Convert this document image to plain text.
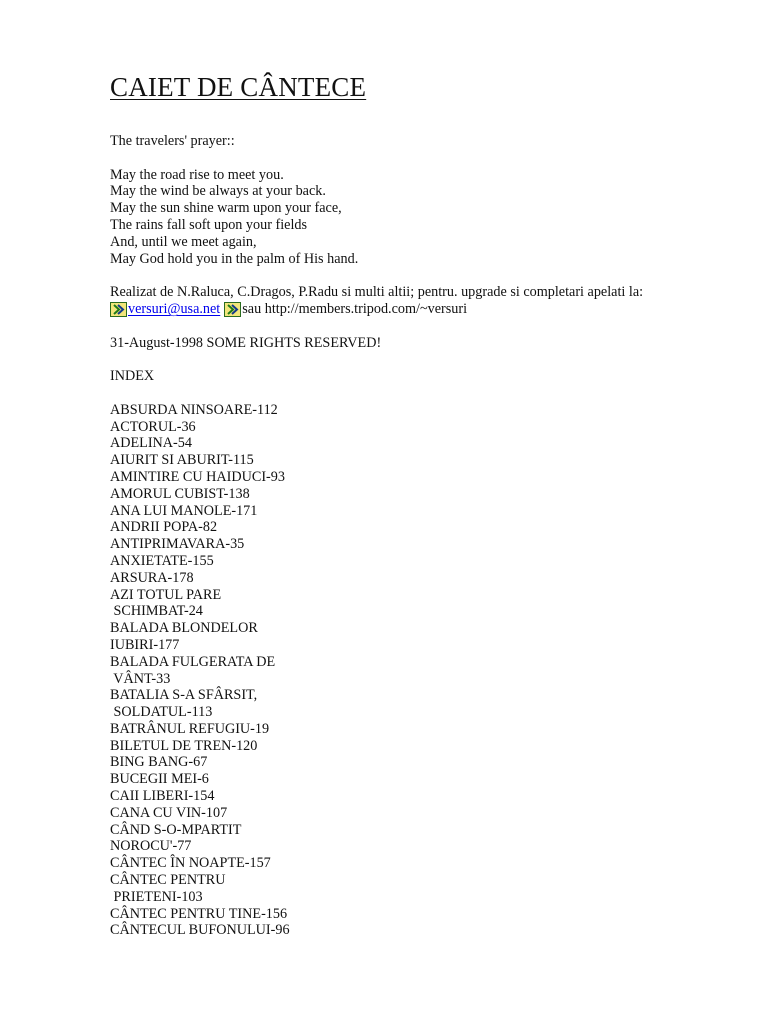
CAIET DE CÂNTECE
The travelers' prayer::
May the road rise to meet you.
May the wind be always at your back.
May the sun shine warm upon your face,
The rains fall soft upon your fields
And, until we meet again,
May God hold you in the palm of His hand.
Realizat de N.Raluca, C.Dragos, P.Radu si multi altii; pentru. upgrade si completari apelati la:
versuri@usa.net sau http://members.tripod.com/~versuri
31-August-1998 SOME RIGHTS RESERVED!
INDEX
ABSURDA NINSOARE-112
ACTORUL-36
ADELINA-54
AIURIT SI ABURIT-115
AMINTIRE CU HAIDUCI-93
AMORUL CUBIST-138
ANA LUI MANOLE-171
ANDRII POPA-82
ANTIPRIMAVARA-35
ANXIETATE-155
ARSURA-178
AZI TOTUL PARE
SCHIMBAT-24
BALADA BLONDELOR
IUBIRI-177
BALADA FULGERATA DE
VÂNT-33
BATALIA S-A SFÂRSIT,
SOLDATUL-113
BATRÂNUL REFUGIU-19
BILETUL DE TREN-120
BING BANG-67
BUCEGII MEI-6
CAII LIBERI-154
CANA CU VIN-107
CÂND S-O-MPARTIT
NOROCU'-77
CÂNTEC ÎN NOAPTE-157
CÂNTEC PENTRU
PRIETENI-103
CÂNTEC PENTRU TINE-156
CÂNTECUL BUFONULUI-96
